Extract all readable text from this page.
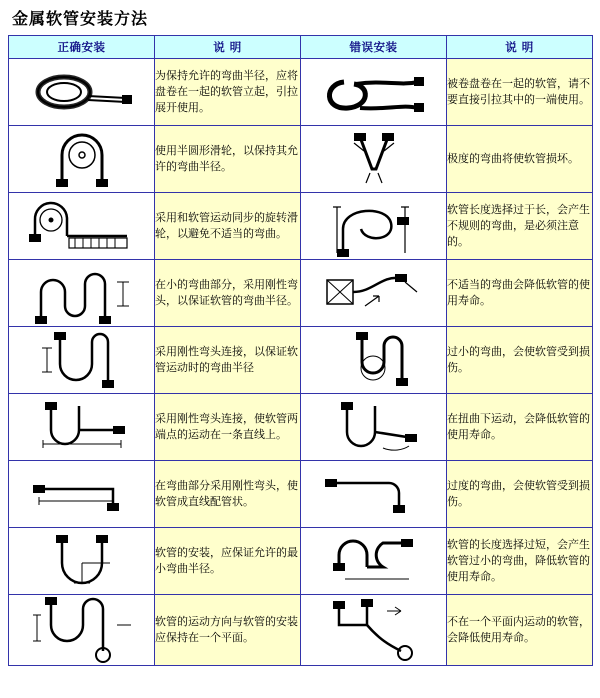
金属软管安装方法
正确安装	说 明	错误安装	说 明

	为保持允许的弯曲半径，应将盘卷在一起的软管立起，引拉展开使用。		被卷盘卷在一起的软管，请不要直接引拉其中的一端使用。

	使用半圆形滑轮，以保持其允许的弯曲半径。		极度的弯曲将使软管损坏。

	采用和软管运动同步的旋转滑轮，以避免不适当的弯曲。		软管长度选择过于长，会产生不规则的弯曲，是必须注意的。

	在小的弯曲部分，采用刚性弯头，以保证软管的弯曲半径。		不适当的弯曲会降低软管的使用寿命。

	采用刚性弯头连接，以保证软管运动时的弯曲半径		过小的弯曲，会使软管受到损伤。

	采用刚性弯头连接，使软管两端点的运动在一条直线上。		在扭曲下运动，会降低软管的使用寿命。

	在弯曲部分采用刚性弯头，使软管成直线配管状。		过度的弯曲，会使软管受到损伤。

	软管的安装，应保证允许的最小弯曲半径。		软管的长度选择过短，会产生软管过小的弯曲，降低软管的使用寿命。

	软管的运动方向与软管的安装应保持在一个平面。		不在一个平面内运动的软管，会降低使用寿命。
